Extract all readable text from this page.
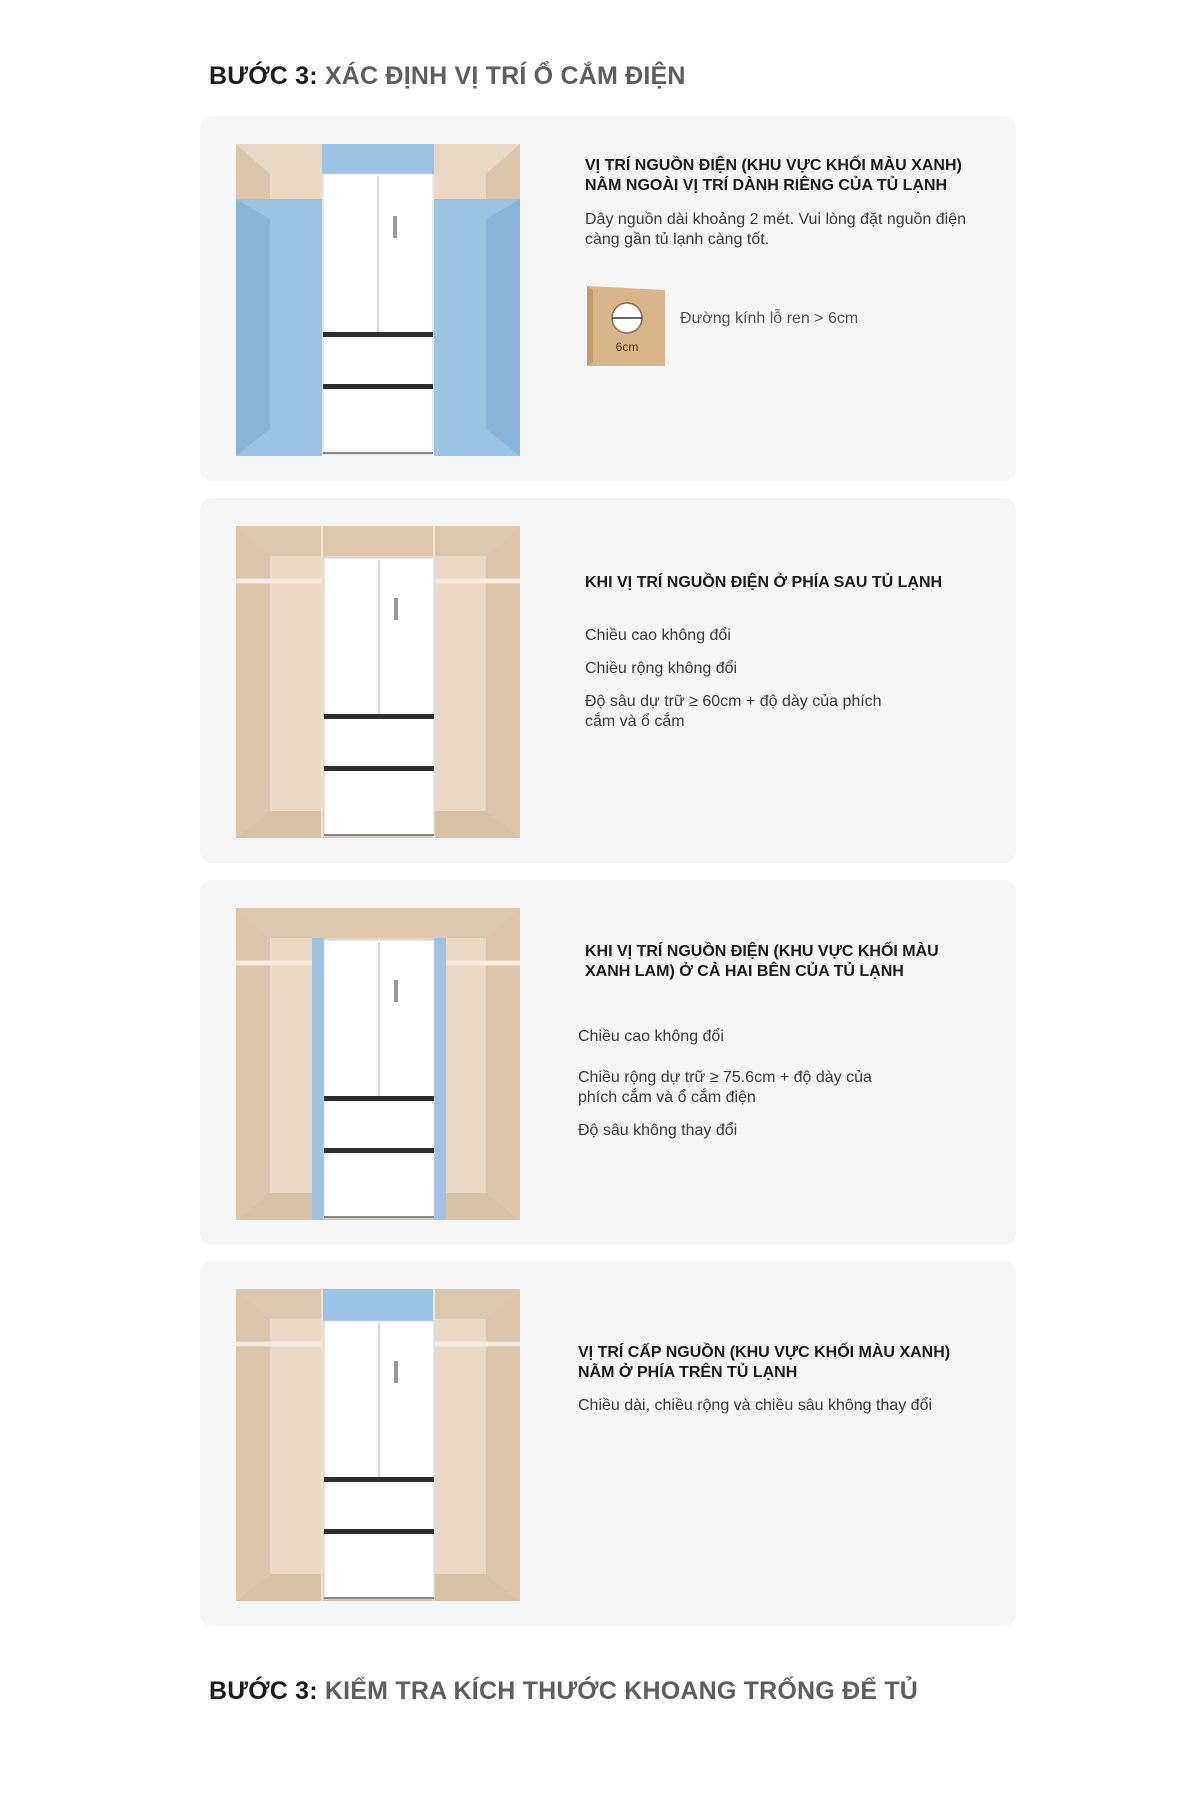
BƯỚC 3: XÁC ĐỊNH VỊ TRÍ Ổ CẮM ĐIỆN
VỊ TRÍ NGUỒN ĐIỆN (KHU VỰC KHỐI MÀU XANH) NẰM NGOÀI VỊ TRÍ DÀNH RIÊNG CỦA TỦ LẠNH
Dây nguồn dài khoảng 2 mét. Vui lòng đặt nguồn điện càng gần tủ lạnh càng tốt.
6cm
Đường kính lỗ ren > 6cm
KHI VỊ TRÍ NGUỒN ĐIỆN Ở PHÍA SAU TỦ LẠNH
Chiều cao không đổi
Chiều rộng không đổi
Độ sâu dự trữ ≥ 60cm + độ dày của phích cắm và ổ cắm
KHI VỊ TRÍ NGUỒN ĐIỆN (KHU VỰC KHỐI MÀU XANH LAM) Ở CẢ HAI BÊN CỦA TỦ LẠNH
Chiều cao không đổi
Chiều rộng dự trữ ≥ 75.6cm + độ dày của phích cắm và ổ cắm điện
Độ sâu không thay đổi
VỊ TRÍ CẤP NGUỒN (KHU VỰC KHỐI MÀU XANH) NẰM Ở PHÍA TRÊN TỦ LẠNH
Chiều dài, chiều rộng và chiều sâu không thay đổi
BƯỚC 3: KIỂM TRA KÍCH THƯỚC KHOANG TRỐNG ĐỂ TỦ
